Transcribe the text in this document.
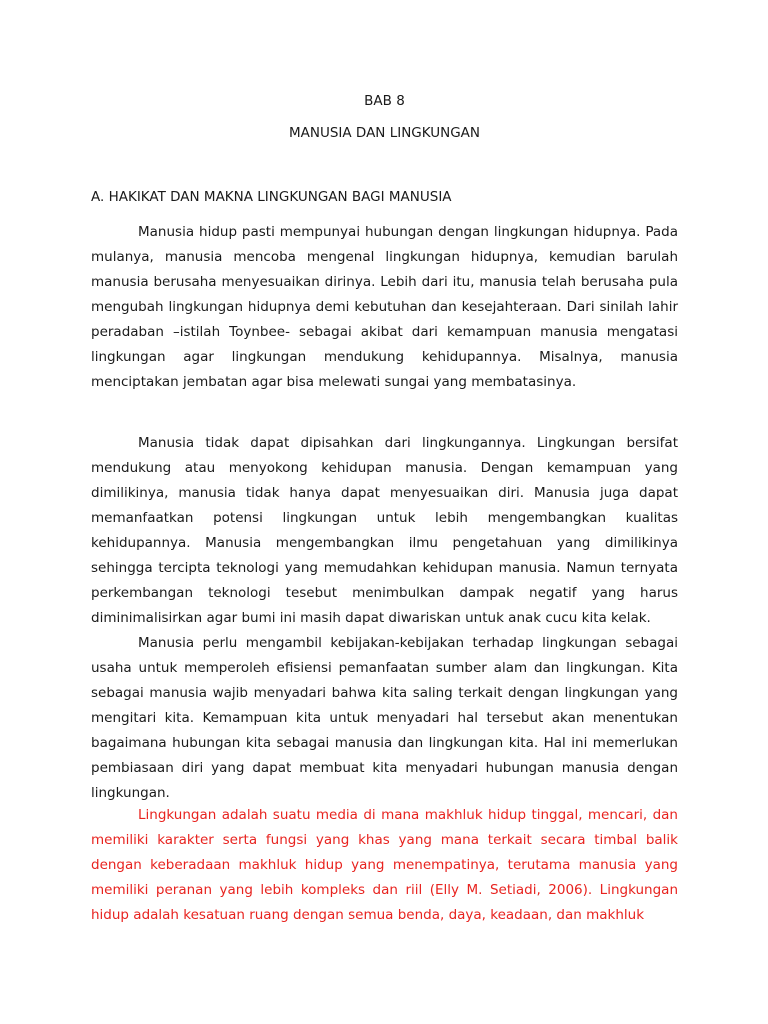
BAB 8
MANUSIA DAN LINGKUNGAN
A. HAKIKAT DAN MAKNA LINGKUNGAN BAGI MANUSIA

Manusia hidup pasti mempunyai hubungan dengan lingkungan hidupnya. Pada mulanya, manusia mencoba mengenal lingkungan hidupnya, kemudian barulah manusia berusaha menyesuaikan dirinya. Lebih dari itu, manusia telah berusaha pula mengubah lingkungan hidupnya demi kebutuhan dan kesejahteraan. Dari sinilah lahir peradaban –istilah Toynbee- sebagai akibat dari kemampuan manusia mengatasi lingkungan agar lingkungan mendukung kehidupannya. Misalnya, manusia menciptakan jembatan agar bisa melewati sungai yang membatasinya.

Manusia tidak dapat dipisahkan dari lingkungannya. Lingkungan bersifat mendukung atau menyokong kehidupan manusia. Dengan kemampuan yang dimilikinya, manusia tidak hanya dapat menyesuaikan diri. Manusia juga dapat memanfaatkan potensi lingkungan untuk lebih mengembangkan kualitas kehidupannya. Manusia mengembangkan ilmu pengetahuan yang dimilikinya sehingga tercipta teknologi yang memudahkan kehidupan manusia. Namun ternyata perkembangan teknologi tesebut menimbulkan dampak negatif yang harus diminimalisirkan agar bumi ini masih dapat diwariskan untuk anak cucu kita kelak.

Manusia perlu mengambil kebijakan-kebijakan terhadap lingkungan sebagai usaha untuk memperoleh efisiensi pemanfaatan sumber alam dan lingkungan. Kita sebagai manusia wajib menyadari bahwa kita saling terkait dengan lingkungan yang mengitari kita. Kemampuan kita untuk menyadari hal tersebut akan menentukan bagaimana hubungan kita sebagai manusia dan lingkungan kita. Hal ini memerlukan pembiasaan diri yang dapat membuat kita menyadari hubungan manusia dengan lingkungan.

Lingkungan adalah suatu media di mana makhluk hidup tinggal, mencari, dan memiliki karakter serta fungsi yang khas yang mana terkait secara timbal balik dengan keberadaan makhluk hidup yang menempatinya, terutama manusia yang memiliki peranan yang lebih kompleks dan riil (Elly M. Setiadi, 2006). Lingkungan hidup adalah kesatuan ruang dengan semua benda, daya, keadaan, dan makhluk
